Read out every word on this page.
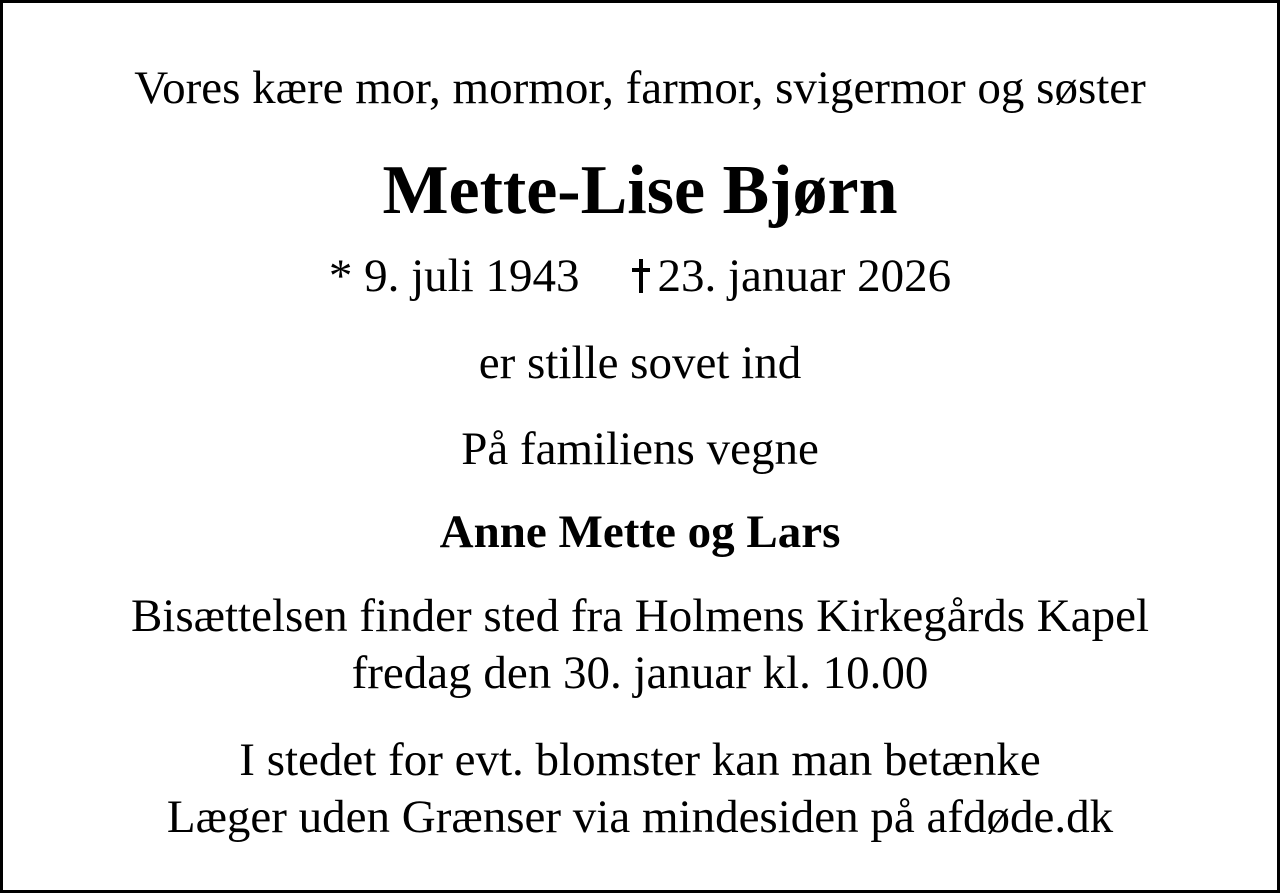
Vores kære mor, mormor, farmor, svigermor og søster
Mette-Lise Bjørn
* 9. juli 1943 23. januar 2026
er stille sovet ind
På familiens vegne
Anne Mette og Lars
Bisættelsen finder sted fra Holmens Kirkegårds Kapel
fredag den 30. januar kl. 10.00
I stedet for evt. blomster kan man betænke
Læger uden Grænser via mindesiden på afdøde.dk
